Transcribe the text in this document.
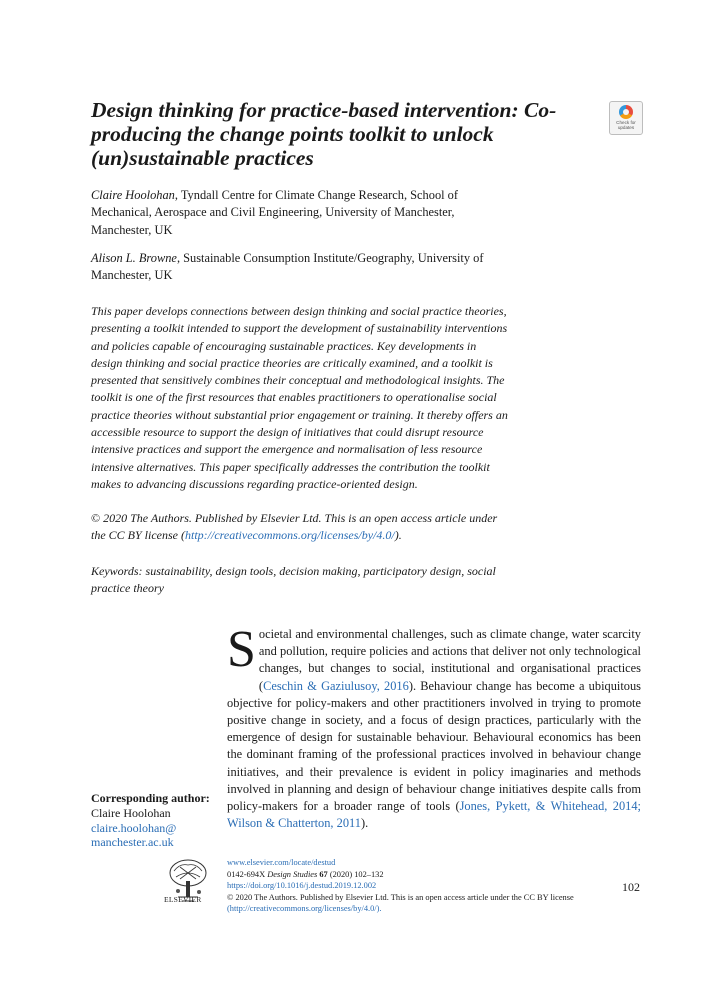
Design thinking for practice-based intervention: Co-producing the change points toolkit to unlock (un)sustainable practices
Check for
updates
Claire Hoolohan, Tyndall Centre for Climate Change Research, School of Mechanical, Aerospace and Civil Engineering, University of Manchester, Manchester, UK
Alison L. Browne, Sustainable Consumption Institute/Geography, University of Manchester, UK
This paper develops connections between design thinking and social practice theories, presenting a toolkit intended to support the development of sustainability interventions and policies capable of encouraging sustainable practices. Key developments in design thinking and social practice theories are critically examined, and a toolkit is presented that sensitively combines their conceptual and methodological insights. The toolkit is one of the first resources that enables practitioners to operationalise social practice theories without substantial prior engagement or training. It thereby offers an accessible resource to support the design of initiatives that could disrupt resource intensive practices and support the emergence and normalisation of less resource intensive alternatives. This paper specifically addresses the contribution the toolkit makes to advancing discussions regarding practice-oriented design.
© 2020 The Authors. Published by Elsevier Ltd. This is an open access article under the CC BY license (http://creativecommons.org/licenses/by/4.0/).
Keywords: sustainability, design tools, decision making, participatory design, social practice theory
Societal and environmental challenges, such as climate change, water scarcity and pollution, require policies and actions that deliver not only technological changes, but changes to social, institutional and organisational practices (Ceschin & Gaziulusoy, 2016). Behaviour change has become a ubiquitous objective for policy-makers and other practitioners involved in trying to promote positive change in society, and a focus of design practices, particularly with the emergence of design for sustainable behaviour. Behavioural economics has been the dominant framing of the professional practices involved in behaviour change initiatives, and their prevalence is evident in policy imaginaries and methods involved in planning and design of behaviour change initiatives despite calls from policy-makers for a broader range of tools (Jones, Pykett, & Whitehead, 2014; Wilson & Chatterton, 2011).
Corresponding author:
Claire Hoolohan
claire.hoolohan@
manchester.ac.uk
ELSEVIER
www.elsevier.com/locate/destud
0142-694X Design Studies 67 (2020) 102–132
https://doi.org/10.1016/j.destud.2019.12.002
© 2020 The Authors. Published by Elsevier Ltd. This is an open access article under the CC BY license
(http://creativecommons.org/licenses/by/4.0/).
102
